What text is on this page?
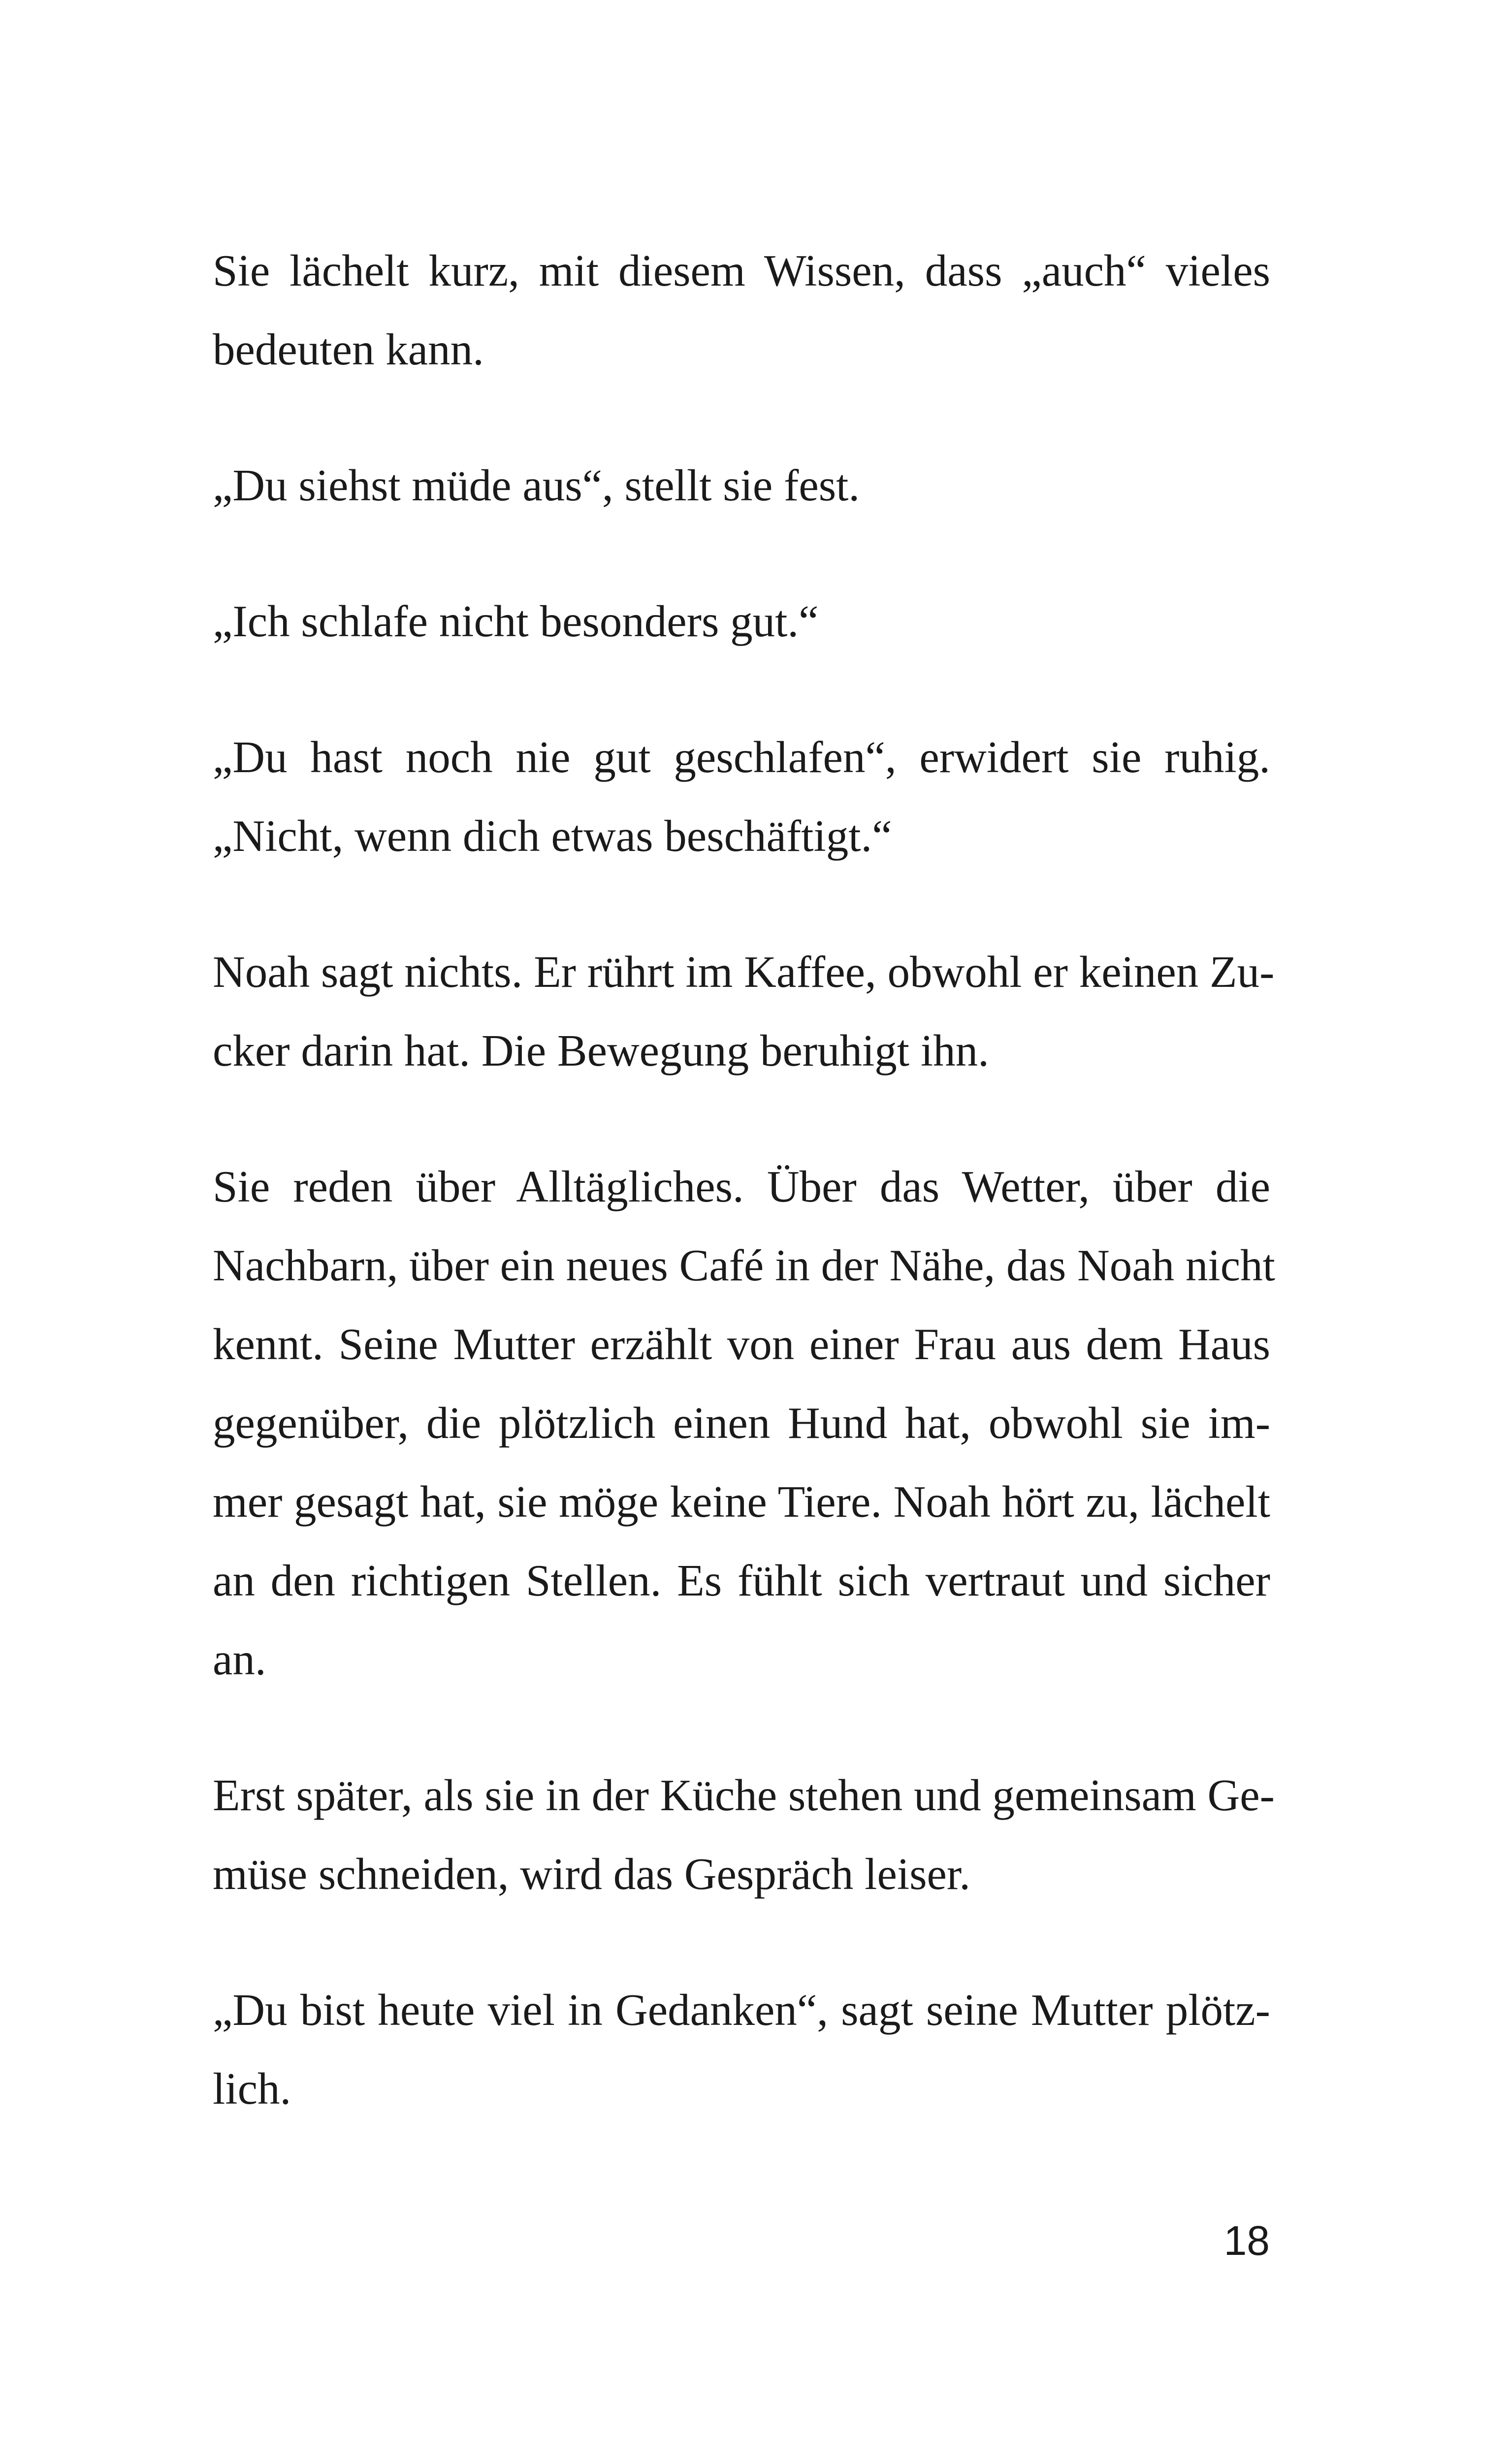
Sie lächelt kurz, mit diesem Wissen, dass „auch“ vieles
bedeuten kann.

„Du siehst müde aus“, stellt sie fest.

„Ich schlafe nicht besonders gut.“

„Du hast noch nie gut geschlafen“, erwidert sie ruhig.
„Nicht, wenn dich etwas beschäftigt.“

Noah sagt nichts. Er rührt im Kaffee, obwohl er keinen Zu-
cker darin hat. Die Bewegung beruhigt ihn.

Sie reden über Alltägliches. Über das Wetter, über die
Nachbarn, über ein neues Café in der Nähe, das Noah nicht
kennt. Seine Mutter erzählt von einer Frau aus dem Haus
gegenüber, die plötzlich einen Hund hat, obwohl sie im-
mer gesagt hat, sie möge keine Tiere. Noah hört zu, lächelt
an den richtigen Stellen. Es fühlt sich vertraut und sicher
an.

Erst später, als sie in der Küche stehen und gemeinsam Ge-
müse schneiden, wird das Gespräch leiser.

„Du bist heute viel in Gedanken“, sagt seine Mutter plötz-
lich.

18
